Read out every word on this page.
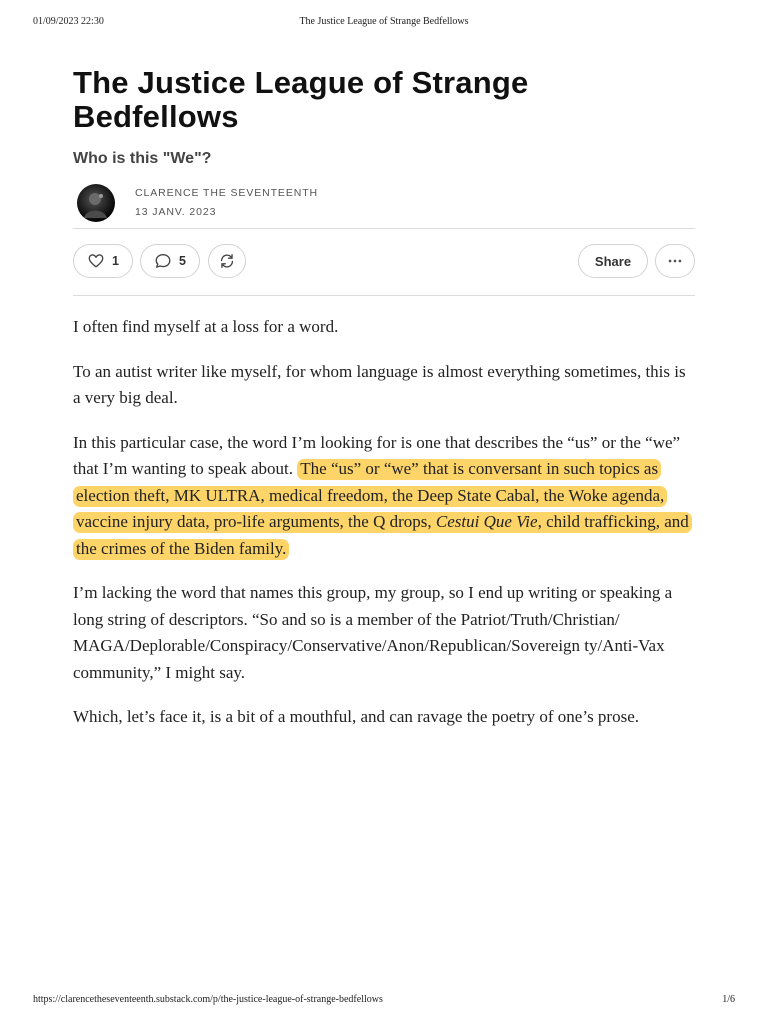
01/09/2023 22:30	The Justice League of Strange Bedfellows
The Justice League of Strange Bedfellows
Who is this "We"?
CLARENCE THE SEVENTEENTH
13 JANV. 2023
1	5	Share

I often find myself at a loss for a word.

To an autist writer like myself, for whom language is almost everything sometimes, this is a very big deal.

In this particular case, the word I’m looking for is one that describes the “us” or the “we” that I’m wanting to speak about. The “us” or “we” that is conversant in such topics as election theft, MK ULTRA, medical freedom, the Deep State Cabal, the Woke agenda, vaccine injury data, pro-life arguments, the Q drops, Cestui Que Vie, child trafficking, and the crimes of the Biden family.

I’m lacking the word that names this group, my group, so I end up writing or speaking a long string of descriptors. “So and so is a member of the Patriot/Truth/Christian/ MAGA/Deplorable/Conspiracy/Conservative/Anon/Republican/Sovereign ty/Anti-Vax community,” I might say.

Which, let’s face it, is a bit of a mouthful, and can ravage the poetry of one’s prose.

https://clarencetheseventeenth.substack.com/p/the-justice-league-of-strange-bedfellows	1/6
